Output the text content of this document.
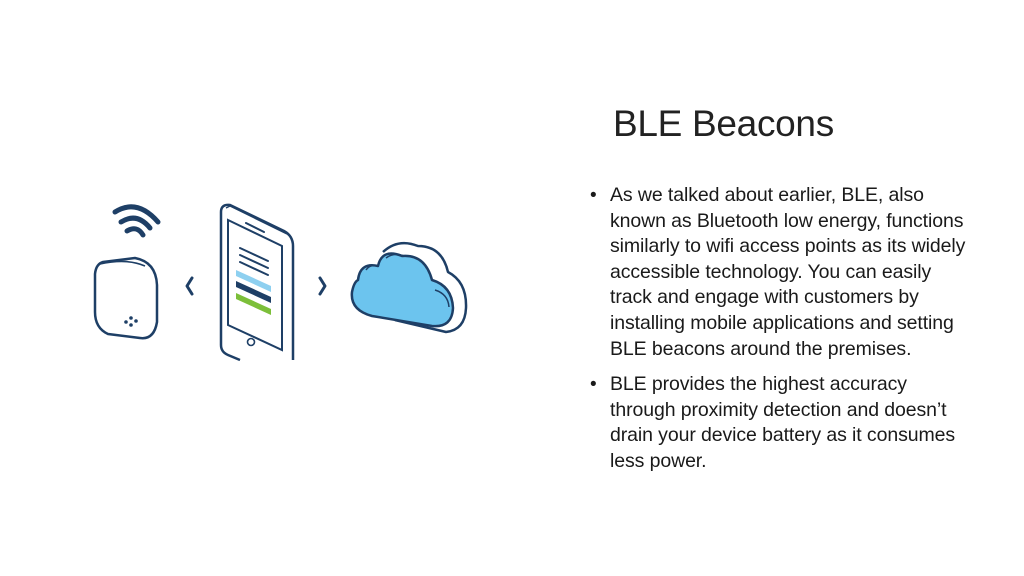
BLE Beacons
• As we talked about earlier, BLE, also known as Bluetooth low energy, functions similarly to wifi access points as its widely accessible technology. You can easily track and engage with customers by installing mobile applications and setting BLE beacons around the premises.
• BLE provides the highest accuracy through proximity detection and doesn’t drain your device battery as it consumes less power.
